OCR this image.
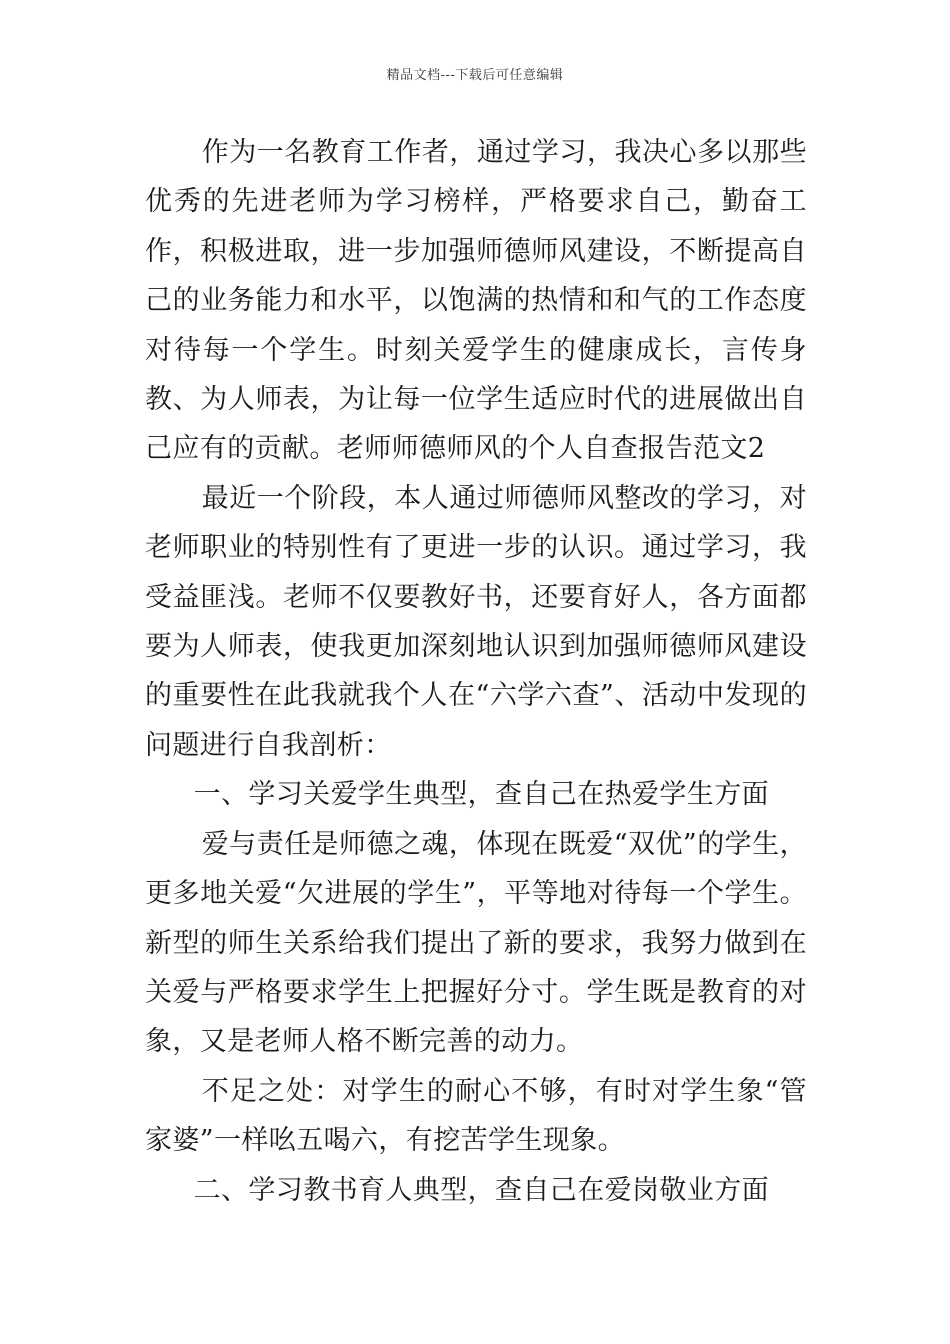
精品文档---下载后可任意编辑

作为一名教育工作者，通过学习，我决心多以那些优秀的先进老师为学习榜样，严格要求自己，勤奋工作，积极进取，进一步加强师德师风建设，不断提高自己的业务能力和水平，以饱满的热情和和气的工作态度对待每一个学生。时刻关爱学生的健康成长，言传身教、为人师表，为让每一位学生适应时代的进展做出自己应有的贡献。老师师德师风的个人自查报告范文2

最近一个阶段，本人通过师德师风整改的学习，对老师职业的特别性有了更进一步的认识。通过学习，我受益匪浅。老师不仅要教好书，还要育好人，各方面都要为人师表，使我更加深刻地认识到加强师德师风建设的重要性在此我就我个人在“六学六查”、活动中发现的问题进行自我剖析：

一、学习关爱学生典型，查自己在热爱学生方面

爱与责任是师德之魂，体现在既爱“双优”的学生，更多地关爱“欠进展的学生”，平等地对待每一个学生。新型的师生关系给我们提出了新的要求，我努力做到在关爱与严格要求学生上把握好分寸。学生既是教育的对象，又是老师人格不断完善的动力。

不足之处：对学生的耐心不够，有时对学生象“管家婆”一样吆五喝六，有挖苦学生现象。

二、学习教书育人典型，查自己在爱岗敬业方面
